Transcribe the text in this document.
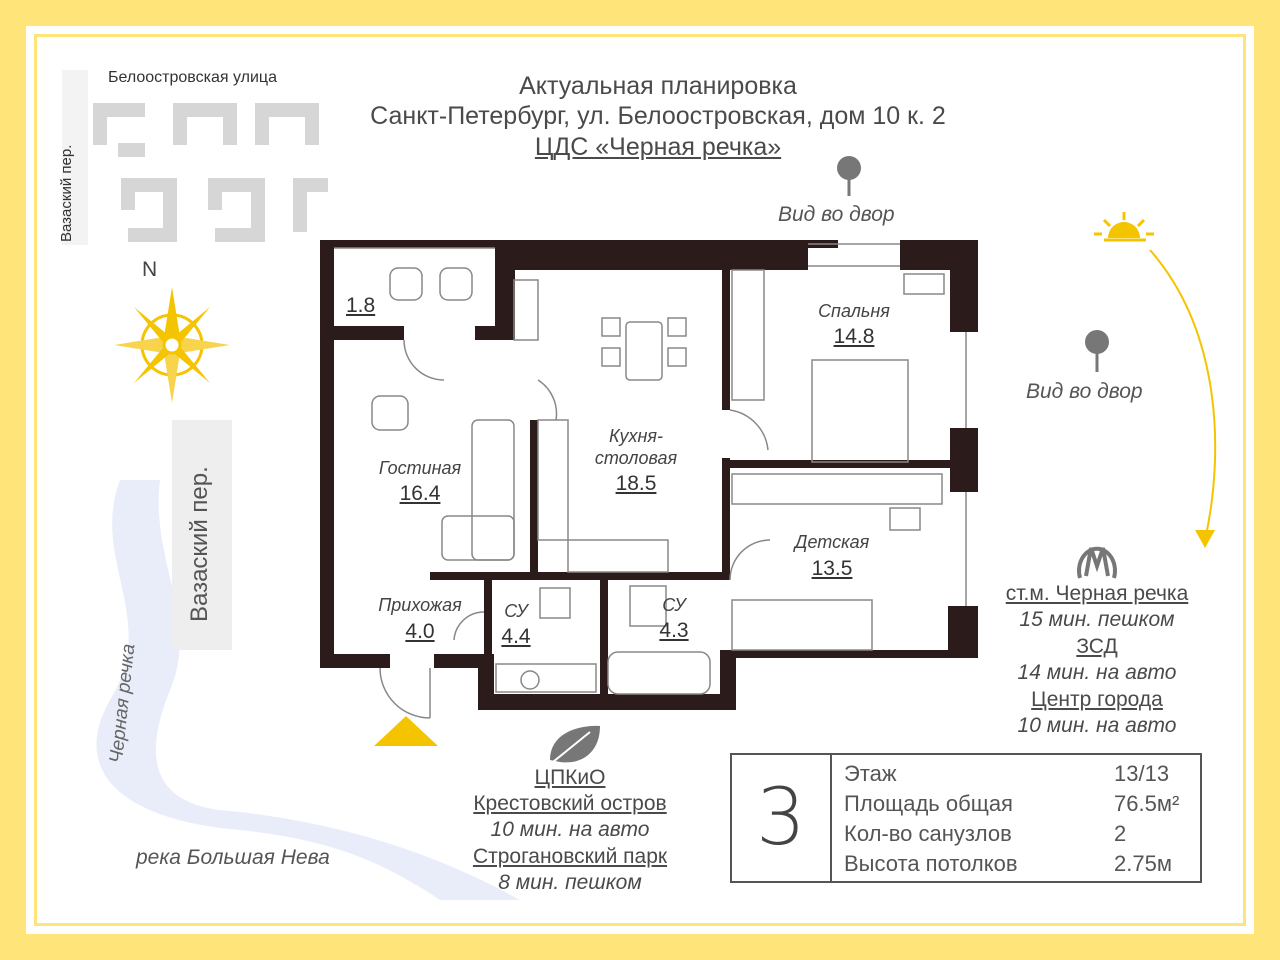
Актуальная планировка
Санкт-Петербург, ул. Белоостровская, дом 10 к. 2
ЦДС «Черная речка»
Белоостровская улица
Вазаский пер.
N
Вазаский пер.
Черная речка
река Большая Нева
Вид во двор
Вид во двор
1.8
Гостиная
16.4
Кухня-
столовая
18.5
Спальня
14.8
Детская
13.5
Прихожая
4.0
СУ
4.4
СУ
4.3
ст.м. Черная речка
15 мин. пешком
ЗСД
14 мин. на авто
Центр города
10 мин. на авто
ЦПКиО
Крестовский остров
10 мин. на авто
Строгановский парк
8 мин. пешком
3	Этаж	13/13
Площадь общая	76.5м²
Кол-во санузлов	2
Высота потолков	2.75м
